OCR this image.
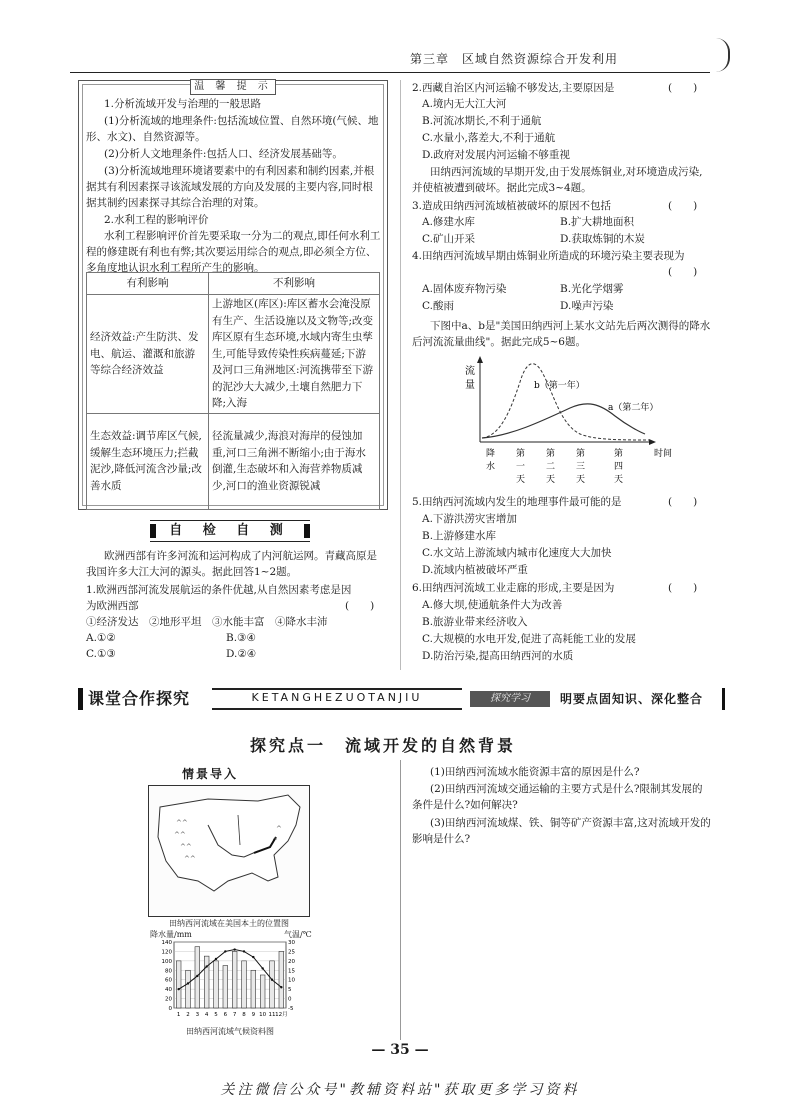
第三章　区域自然资源综合开发利用
温 馨 提 示
1.分析流域开发与治理的一般思路
(1)分析流域的地理条件:包括流域位置、自然环境(气候、地形、水文)、自然资源等。
(2)分析人文地理条件:包括人口、经济发展基础等。
(3)分析流域地理环境诸要素中的有利因素和制约因素,并根据其有利因素探寻该流域发展的方向及发展的主要内容,同时根据其制约因素探寻其综合治理的对策。
2.水利工程的影响评价
水利工程影响评价首先要采取一分为二的观点,即任何水利工程的修建既有利也有弊;其次要运用综合的观点,即必须全方位、多角度地认识水利工程所产生的影响。
有利影响	不利影响
经济效益:产生防洪、发电、航运、灌溉和旅游等综合经济效益	上游地区(库区):库区蓄水会淹没原有生产、生活设施以及文物等;改变库区原有生态环境,水域内寄生虫孳生,可能导致传染性疾病蔓延;下游及河口三角洲地区:河流携带至下游的泥沙大大减少,土壤自然肥力下降;入海
生态效益:调节库区气候,缓解生态环境压力;拦截泥沙,降低河流含沙量;改善水质	径流量减少,海浪对海岸的侵蚀加重,河口三角洲不断缩小;由于海水倒灌,生态破坏和入海营养物质减少,河口的渔业资源锐减
自 检 自 测
欧洲西部有许多河流和运河构成了内河航运网。青藏高原是我国许多大江大河的源头。据此回答1~2题。
1.欧洲西部河流发展航运的条件优越,从自然因素考虑是因为欧洲西部	(　　)
①经济发达　②地形平坦　③水能丰富　④降水丰沛
A.①②	B.③④
C.①③	D.②④
2.西藏自治区内河运输不够发达,主要原因是	(　　)
A.境内无大江大河
B.河流冰期长,不利于通航
C.水量小,落差大,不利于通航
D.政府对发展内河运输不够重视
田纳西河流域的早期开发,由于发展炼铜业,对环境造成污染,并使植被遭到破坏。据此完成3~4题。
3.造成田纳西河流域植被破坏的原因不包括	(　　)
A.修建水库	B.扩大耕地面积
C.矿山开采	D.获取炼铜的木炭
4.田纳西河流域早期由炼铜业所造成的环境污染主要表现为
(　　)
A.固体废弃物污染	B.光化学烟雾
C.酸雨	D.噪声污染
下图中a、b是"美国田纳西河上某水文站先后两次测得的降水后河流流量曲线"。据此完成5~6题。
流
量
时间
b（第一年）
a（第二年）
降
水
第
一
天
第
二
天
第
三
天
第
四
天
5.田纳西河流域内发生的地理事件最可能的是	(　　)
A.下游洪涝灾害增加
B.上游修建水库
C.水文站上游流域内城市化速度大大加快
D.流域内植被破坏严重
6.田纳西河流域工业走廊的形成,主要是因为	(　　)
A.修大坝,使通航条件大为改善
B.旅游业带来经济收入
C.大规模的水电开发,促进了高耗能工业的发展
D.防治污染,提高田纳西河的水质
课堂合作探究	KETANGHEZUOTANJIU	探究学习	明要点固知识、深化整合
探究点一　流域开发的自然背景
情景导入
^^
^^
^^
^^
^
^
田纳西河流域在美国本土的位置图
降水量/mm	气温/℃
0
20
40
60
80
100
120
140
-5
0
5
10
15
20
25
30
1 2 3 4 5 6 7 8 9 10 11 12月
田纳西河流域气候资料图
(1)田纳西河流域水能资源丰富的原因是什么?
(2)田纳西河流域交通运输的主要方式是什么?限制其发展的条件是什么?如何解决?
(3)田纳西河流域煤、铁、铜等矿产资源丰富,这对流域开发的影响是什么?
— 35 —
关注微信公众号"教辅资料站"获取更多学习资料
